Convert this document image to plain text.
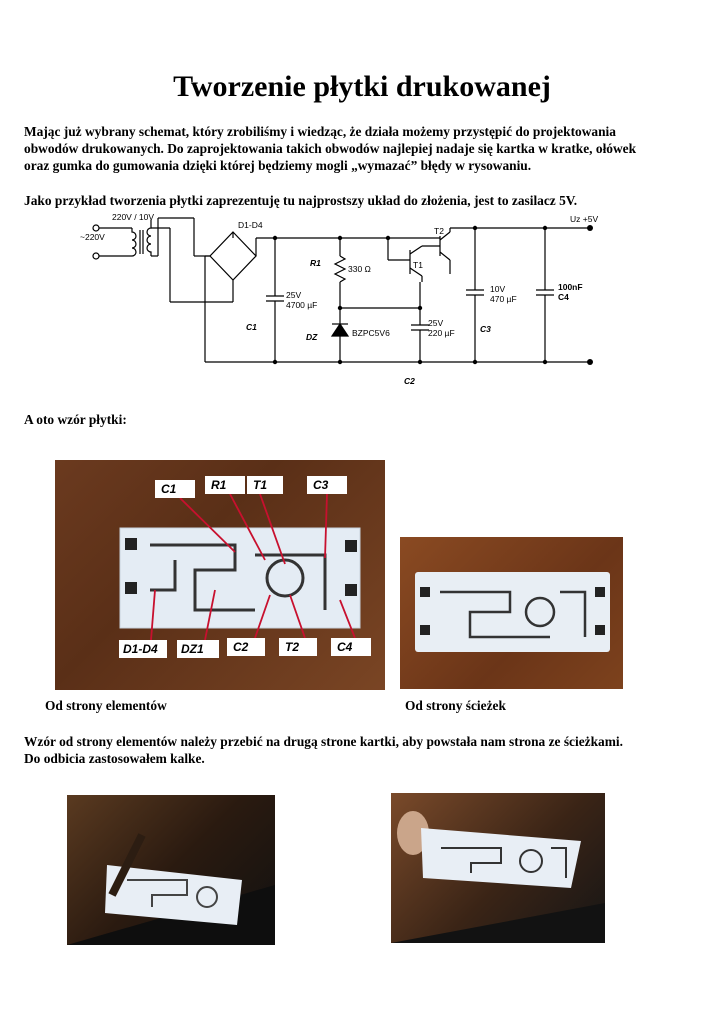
Tworzenie płytki drukowanej

Mając już wybrany schemat, który zrobiliśmy i wiedząc, że działa możemy przystępić do projektowania

obwodów drukowanych. Do zaprojektowania takich obwodów najlepiej nadaje się kartka w kratke, ołówek

oraz gumka do gumowania dzięki której będziemy mogli „wymazać” błędy w rysowaniu.

Jako przykład tworzenia płytki zaprezentuję tu najprostszy układ do złożenia, jest to zasilacz 5V.

~220V
220V / 10V
D1-D4
R1
330 Ω
25V
4700 µF
C1
DZ	BZPC5V6
T1
T2
25V
220 µF
C2
10V
470 µF
C3
100nF
C4
Uz +5V

A oto wzór płytki:

C1	R1 T1	C3
D1-D4 DZ1 C2	T2	C4
Od strony elementów	Od strony ścieżek

Wzór od strony elementów należy przebić na drugą strone kartki, aby powstała nam strona ze ścieżkami.

Do odbicia zastosowałem kalke.
